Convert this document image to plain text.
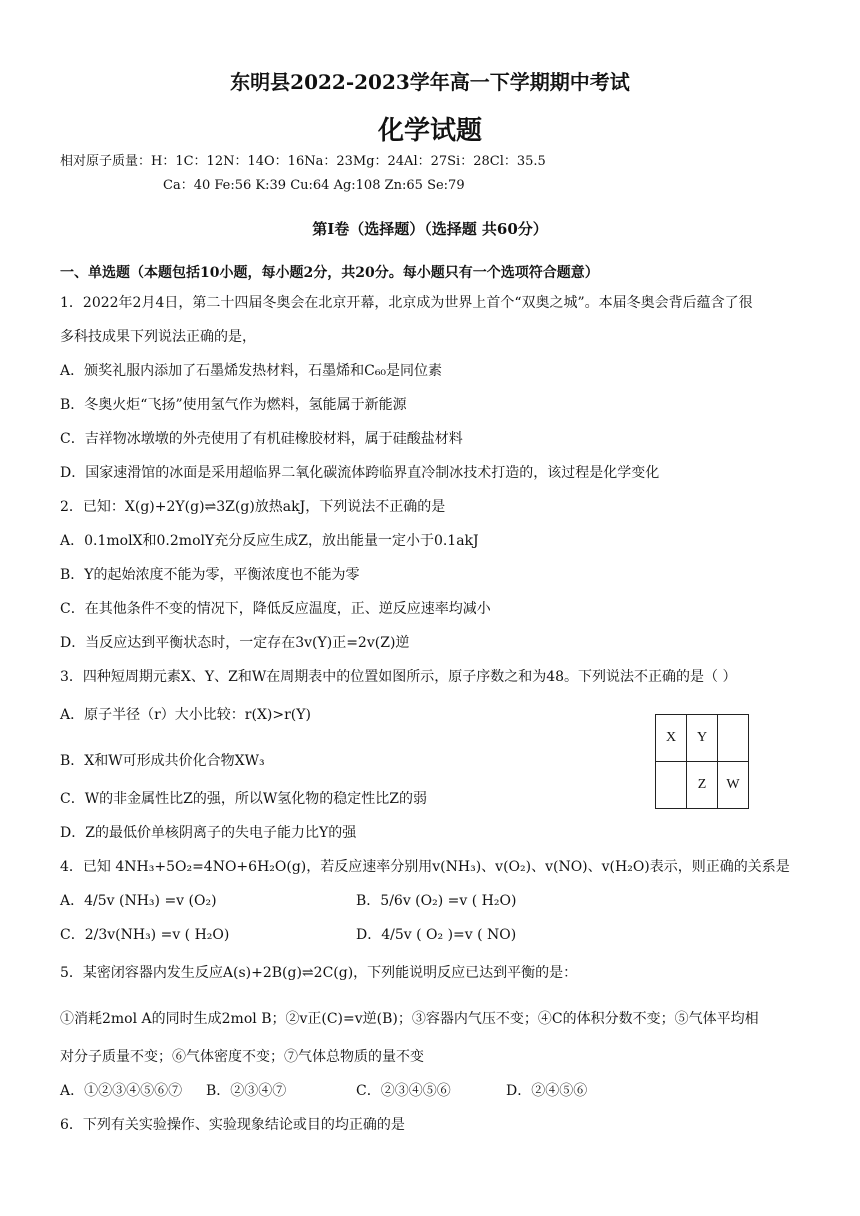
东明县2022-2023学年高一下学期期中考试
化学试题
相对原子质量：H：1C：12N：14O：16Na：23Mg：24Al：27Si：28Cl：35.5
Ca：40 Fe:56 K:39 Cu:64 Ag:108 Zn:65 Se:79
第Ⅰ卷（选择题）（选择题 共60分）
一、单选题（本题包括10小题，每小题2分，共20分。每小题只有一个选项符合题意）
1．2022年2月4日，第二十四届冬奥会在北京开幕，北京成为世界上首个“双奥之城”。本届冬奥会背后蕴含了很
多科技成果下列说法正确的是，
A．颁奖礼服内添加了石墨烯发热材料，石墨烯和C₆₀是同位素
B．冬奥火炬“飞扬”使用氢气作为燃料，氢能属于新能源
C．吉祥物冰墩墩的外壳使用了有机硅橡胶材料，属于硅酸盐材料
D．国家速滑馆的冰面是采用超临界二氧化碳流体跨临界直冷制冰技术打造的，该过程是化学变化
2．已知：X(g)+2Y(g)⇌3Z(g)放热akJ，下列说法不正确的是
A．0.1molX和0.2molY充分反应生成Z，放出能量一定小于0.1akJ
B．Y的起始浓度不能为零，平衡浓度也不能为零
C．在其他条件不变的情况下，降低反应温度，正、逆反应速率均减小
D．当反应达到平衡状态时，一定存在3v(Y)正=2v(Z)逆
3．四种短周期元素X、Y、Z和W在周期表中的位置如图所示，原子序数之和为48。下列说法不正确的是（ ）
A．原子半径（r）大小比较：r(X)>r(Y)
B．X和W可形成共价化合物XW₃
C．W的非金属性比Z的强，所以W氢化物的稳定性比Z的弱
D．Z的最低价单核阴离子的失电子能力比Y的强
X	Y	
	Z	W
4．已知 4NH₃+5O₂=4NO+6H₂O(g)，若反应速率分别用v(NH₃)、v(O₂)、v(NO)、v(H₂O)表示，则正确的关系是
A．4/5v (NH₃) =v (O₂)	B．5/6v (O₂) =v ( H₂O)
C．2/3v(NH₃) =v ( H₂O)	D．4/5v ( O₂ )=v ( NO)
5．某密闭容器内发生反应A(s)+2B(g)⇌2C(g)，下列能说明反应已达到平衡的是：
①消耗2mol A的同时生成2mol B；②v正(C)=v逆(B)；③容器内气压不变；④C的体积分数不变；⑤气体平均相
对分子质量不变；⑥气体密度不变；⑦气体总物质的量不变
A．①②③④⑤⑥⑦ B．②③④⑦	C．②③④⑤⑥	D．②④⑤⑥
6．下列有关实验操作、实验现象结论或目的均正确的是
